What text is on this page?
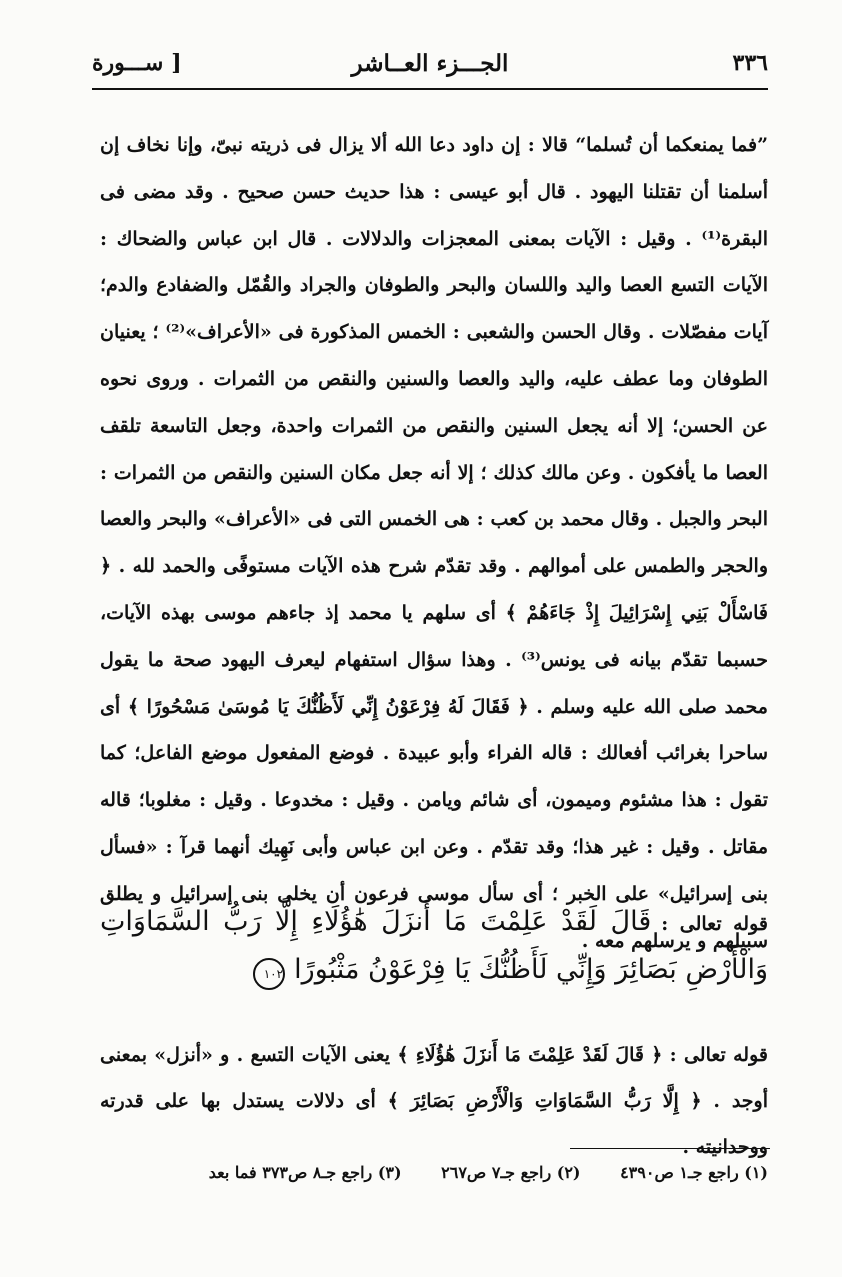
٣٣٦
الجـــزء العــاشر
[ســـورة

”فما يمنعكما أن تُسلما“ قالا : إن داود دعا الله ألا يزال فى ذريته نبىّ، وإنا نخاف إن أسلمنا أن تقتلنا اليهود . قال أبو عيسى : هذا حديث حسن صحيح . وقد مضى فى البقرة⁽¹⁾ . وقيل : الآيات بمعنى المعجزات والدلالات . قال ابن عباس والضحاك : الآيات التسع العصا واليد واللسان والبحر والطوفان والجراد والقُمّل والضفادع والدم؛ آيات مفصّلات . وقال الحسن والشعبى : الخمس المذكورة فى «الأعراف»⁽²⁾ ؛ يعنيان الطوفان وما عطف عليه، واليد والعصا والسنين والنقص من الثمرات . وروى نحوه عن الحسن؛ إلا أنه يجعل السنين والنقص من الثمرات واحدة، وجعل التاسعة تلقف العصا ما يأفكون . وعن مالك كذلك ؛ إلا أنه جعل مكان السنين والنقص من الثمرات : البحر والجبل . وقال محمد بن كعب : هى الخمس التى فى «الأعراف» والبحر والعصا والحجر والطمس على أموالهم . وقد تقدّم شرح هذه الآيات مستوفًى والحمد لله . ﴿ فَاسْأَلْ بَنِي إِسْرَائِيلَ إِذْ جَاءَهُمْ ﴾ أى سلهم يا محمد إذ جاءهم موسى بهذه الآيات، حسبما تقدّم بيانه فى يونس⁽³⁾ . وهذا سؤال استفهام ليعرف اليهود صحة ما يقول محمد صلى الله عليه وسلم . ﴿ فَقَالَ لَهُ فِرْعَوْنُ إِنِّي لَأَظُنُّكَ يَا مُوسَىٰ مَسْحُورًا ﴾ أى ساحرا بغرائب أفعالك : قاله الفراء وأبو عبيدة . فوضع المفعول موضع الفاعل؛ كما تقول : هذا مشئوم وميمون، أى شائم ويامن . وقيل : مخدوعا . وقيل : مغلوبا؛ قاله مقاتل . وقيل : غير هذا؛ وقد تقدّم . وعن ابن عباس وأبى نَهِيك أنهما قرآ : «فسأل بنى إسرائيل» على الخبر ؛ أى سأل موسى فرعون أن يخلى بنى إسرائيل و يطلق سبيلهم و يرسلهم معه .

قوله تعالى : قَالَ لَقَدْ عَلِمْتَ مَا أَنزَلَ هَٰؤُلَاءِ إِلَّا رَبُّ السَّمَاوَاتِ وَالْأَرْضِ بَصَائِرَ وَإِنِّي لَأَظُنُّكَ يَا فِرْعَوْنُ مَثْبُورًا ١٠٢
قوله تعالى : ﴿ قَالَ لَقَدْ عَلِمْتَ مَا أَنزَلَ هَٰؤُلَاءِ ﴾ يعنى الآيات التسع . و «أنزل» بمعنى أوجد . ﴿ إِلَّا رَبُّ السَّمَاوَاتِ وَالْأَرْضِ بَصَائِرَ ﴾ أى دلالات يستدل بها على قدرته ووحدانيته .
(١) راجع جـ١ ص٤٣٩٠ (٢) راجع جـ٧ ص٢٦٧ (٣) راجع جـ٨ ص٣٧٣ فما بعد
